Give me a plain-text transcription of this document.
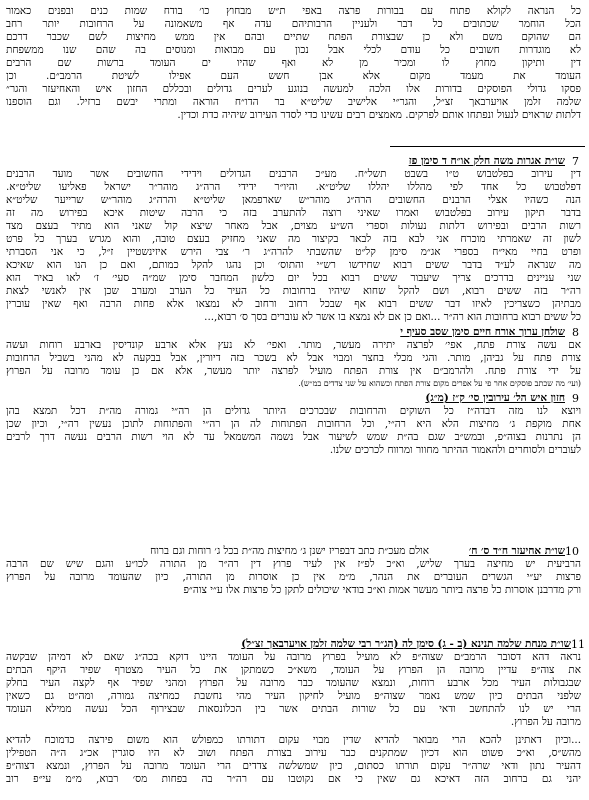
כל הנראה לקולא פתוח עם בבורות פרצה באפי ת״ש מבחוץ כו׳ בודח שמות כנים ובפנים כאמור
הכל הוחמר שכתובים כל דבר ולעניין הרבותיהם עדה אף משאמונה על הרחובות יותר רחב
הם שהוקם משם ולא כן שבצורת הפתח שתיים ובהם אין ממש מחיצות לשם שכבר דרכם
לא מוגדרות חשובים כל עודם לכלי אבל נכון עם מבואות ומנוסים בה שהם שנו ממשפחת
דין ותיקון מחוץ לו ומכיר מן לא ואף שהיו ים העומד ברשות שם הרבים
העומד את מעמד מקום אלא אבן חשש העם אפילו לשיטת הרמב״ם. וכן
פסקו גדולי הפוסקים בדורות אלו הלכה למעשה בנוגע לערים גדולים ובכללם החזון איש והאחיעזר והגר״
שלמה זלמן אויערבאך זצ״ל, והגר״י אלישיב שליט״א בר הדו״ח הוראה ומתרי יבשם ברזיל. וגם הוספנו
דלתות שראוים לנעול ונפתחו אותם לפרקים. מאמצים רבים עשינו כדי לסדר העירוב שיהיה כדת וכדין.
7
שו״ת אגרות משה חלק או״ח ד סימן פז
דין עירוב בפלטבוש ט״ו בשבט תשל״ח. מע״כ הרבנים הגדולים וידידי החשובים אשר מועד הרבנים
דפלטבוש כל אחד לפי מהללו יהללו שליט״א. והיו״ר ידידי הרה״ג מוהר״ר ישראל פאליעו שליט״א.
הנה כשהיו אצלי הרבנים החשובים הרה״ג מוהר״ש שארפמאן שליט״א והרה״ג מוהר״ש שרייער שליט״א
בדבר תיקון עירוב בפלטבוש ואמרו שאיני רוצה להתערב בזה כי הרבה שיטות איכא בפירוש מה זה
רשות הרבים ובפירוש דלתות נעולות וספרי הש״ע מצוים, אבל מאחר שיצא קול שאני הוא מתיר בעצם מצד
לשון זה שאמרתי מוכרח אני לבא בזה לבאר בקיצור מה שאני מחזיק בעצם טובה, והוא מגרש בערך כל פרט
ופרט בחיי מאי״ח בספרי אג״מ סימן קל״ט שהשבתי להרה״ג ר׳ צבי הירש איזינשטיין ז״ל, כי אני הסברתי
מה שנראה לע״ד בדבר ששים רבוא שחידשו רש״י והתוס׳ וכן נהגו להקל כמותם, ואם כן הנו הוא שאיכא
שני עניינים בדרכים צריך שיעבור ששים רבוא בכל יום כלשון המחבר סימן שמ״ה סעי׳ ז׳ לאו באיר הוא
רה״ר בזה ששים רבוא, ושם להקל שחוא שיהיו ברחובות כל העיר כל הערב ומערב שכן אין לאנשי לצאת
מבתיהן כשצריכין לאיזו דבר ששים רבוא אף שבכל רחוב ורחוב לא נמצאו אלא פחות הרבה ואף שאין עוברין
כל ששים רבוא ברחובות הוא רה״ר ...ואם כן אם לא נמצא בו אשר לא עוברים בסך ס׳ רבוא,...
8
שולחן ערוך אורח חיים סימן שסב סעיף י
אם עשה צורת פתח, אפי׳ לפרצה יתירה מעשר, מותר. ואפי׳ לא נעץ אלא ארבע קונדיסין בארבע רוחות ועשה
צורת פתח על גביהן, מותר. והגי מכלי בחצר ומבוי אבל לא בשכר בזה דיורין, אבל בבקעה לא מהני בשביל הרחובות
על ידי צורת פתח. ולהרמב״ם אין צורת הפתח מועיל לפרצה יותר מעשר, אלא אם כן עומד מרובה על הפרוץ
(ועי׳ מה שכתב פוסקים אחר פי על אפרים מקום צורת הפתח וכשהוא על שני צדדים במ״ש).
9
חזון איש הל׳ עירובין סי׳ ק״ז (מ״ג)
ויוצא לנו מזה דבדה״ז כל השוקים והרחובות שבכרכים היותר גדולים הן רה״י גמורה מה״ת דכל תמצא בהן
אחת מוקפת ג׳ מחיצות הלא היא רה״י, וכל הרחובות הפתוחות לה הן רה״י והפתוחות לתוכן נעשין רה״י, וכיון שכן
הן נתרנות בצוה״פ, ובמש״ב שגם בה״ת שמש לשיעור אבל נשמה המשמאל עד לא הוי רשות הרבים נעשה דרך לרבים
לעוברים ולסוחרים ולהאמור ההיתר מחוור ומרווח לכרכים שלנו.
10
שו״ת אחיעזר ח״ד ס׳ ח׳
אולם מעכ״ת כתב דבפריז ישנן ג׳ מחיצות מה״ת בכל ג׳ רוחות וגם ברוח
הרביעית יש מחיצה בערך שליש, וא״כ לפ״ז אין לעיר פרוץ דין רה״ר מן התורה לכו״ע והגם שיש שם הרבה
פרצות יע״י הגשרים העוברים את הנהר, מ״מ אין כן אוסרות מן התורה, כיון שהעומד מרובה על הפרוץ
ורק מדרבנן אוסרות כל פרצה ביותר מעשר אמות וא״כ בודאי שיכולים לתקן כל פרצות אלו ע״י צוה״פ
11
שו״ת מנחת שלמה תנינא (ב - ג) סימן לה (הג״ר רבי שלמה זלמן אויערבאך זצ״ל)
נראה דהא דסובר הרמב״ם שצוה״פ לא מועיל בפרוץ מרובה על העומד היינו דוקא בכה״ג שאם לא דמיהן שבקשה
את צוה״פ עדיין מרובה הן הפרוץ על העומד, משא״כ כשמתקן את כל העיר מצטרף שפיר היקף הבתים
שבגבולות העיר מכל ארבע רוחות, ונמצא שהעומד כבר מרובה על הפרוץ ומהני שפיר אף לקצה העיר בחלק
שלפני הבתים כיון שמש נאמר שצוה״פ מועיל לחיקון העיר מהי נחשבת כמחיצה גמורה, ומה״ט גם כשאין
הרי יש לנו להתחשב ודאי עם כל שורות הבתים אשר בין הכלונסאות שבצירוף הכל נעשה ממילא העומד
מרובה על הפרוץ.
...וכיון דאתינן להכא הרי מבואר להדיא שדין מבוי עקום דתורתו כמפולש הוא משום פירצה כדמוכח להדיא
מהש״ס, וא״כ פשוט הוא דכיון שמתקנים כבר עירוב בצורת הפתח ושוב לא היו סוגרין אכ״ג ה״ה הטפילין
דהעיר נתון ודאי שרה״ר עקום תורתו כסתום, כיון שמשלשה צדדים הרי העומד מרובה על הפרוץ, ונמצא דצוה״פ
יהני גם ברחוב הזה דאיכא גם שאין כי אם נקוטבו עם רה״ר בה בפחות מס׳ רבוא, מ״מ עי״פ רוב
